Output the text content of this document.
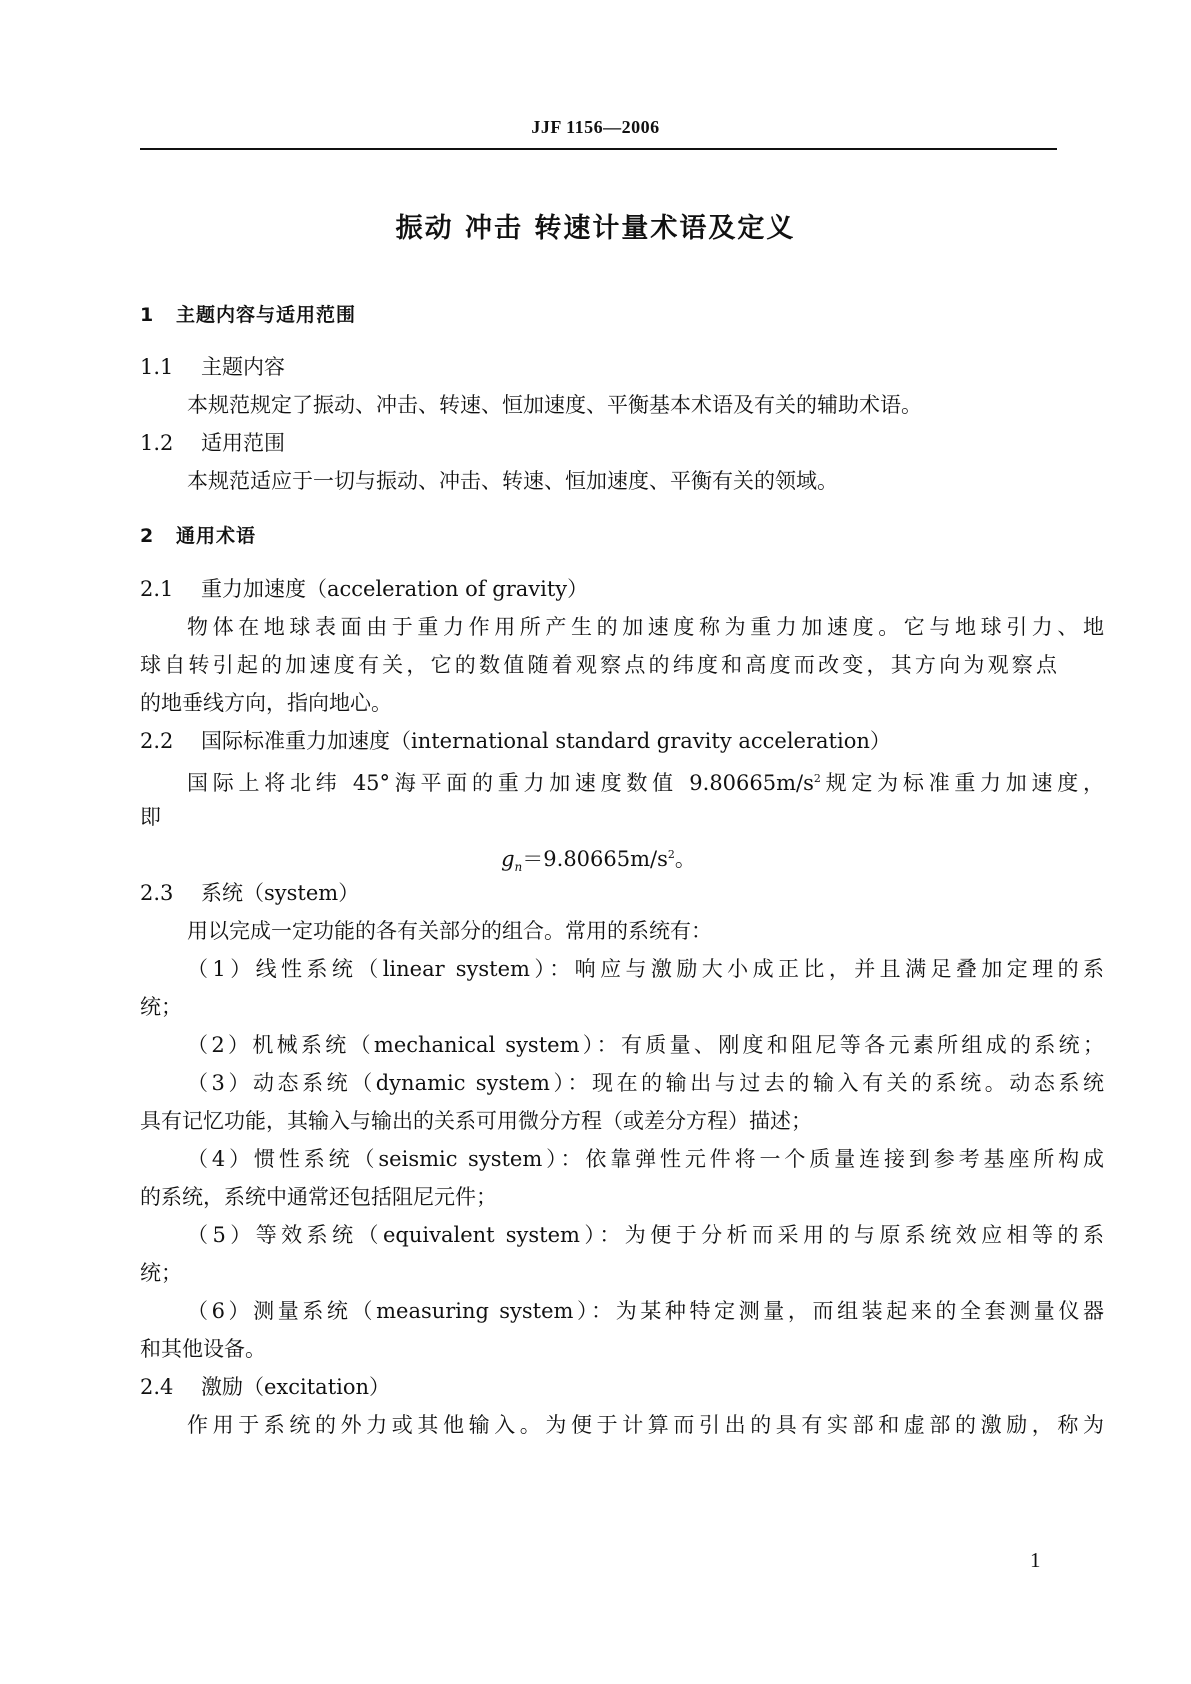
JJF 1156—2006
振动 冲击 转速计量术语及定义
1 主题内容与适用范围
1.1 主题内容
本规范规定了振动、冲击、转速、恒加速度、平衡基本术语及有关的辅助术语。
1.2 适用范围
本规范适应于一切与振动、冲击、转速、恒加速度、平衡有关的领域。
2 通用术语
2.1 重力加速度（acceleration of gravity）
物体在地球表面由于重力作用所产生的加速度称为重力加速度。它与地球引力、地
球自转引起的加速度有关，它的数值随着观察点的纬度和高度而改变，其方向为观察点
的地垂线方向，指向地心。
2.2 国际标准重力加速度（international standard gravity acceleration）
国际上将北纬 45°海平面的重力加速度数值 $9.80665m/s^2$规定为标准重力加速度，
即
$g_n=9.80665m/s^2$。
2.3 系统（system）
用以完成一定功能的各有关部分的组合。常用的系统有：
（1）线性系统（linear system）：响应与激励大小成正比，并且满足叠加定理的系
统；
（2）机械系统（mechanical system）：有质量、刚度和阻尼等各元素所组成的系统；
（3）动态系统（dynamic system）：现在的输出与过去的输入有关的系统。动态系统
具有记忆功能，其输入与输出的关系可用微分方程（或差分方程）描述；
（4）惯性系统（seismic system）：依靠弹性元件将一个质量连接到参考基座所构成
的系统，系统中通常还包括阻尼元件；
（5）等效系统（equivalent system）：为便于分析而采用的与原系统效应相等的系
统；
（6）测量系统（measuring system）：为某种特定测量，而组装起来的全套测量仪器
和其他设备。
2.4 激励（excitation）
作用于系统的外力或其他输入。为便于计算而引出的具有实部和虚部的激励，称为
1
